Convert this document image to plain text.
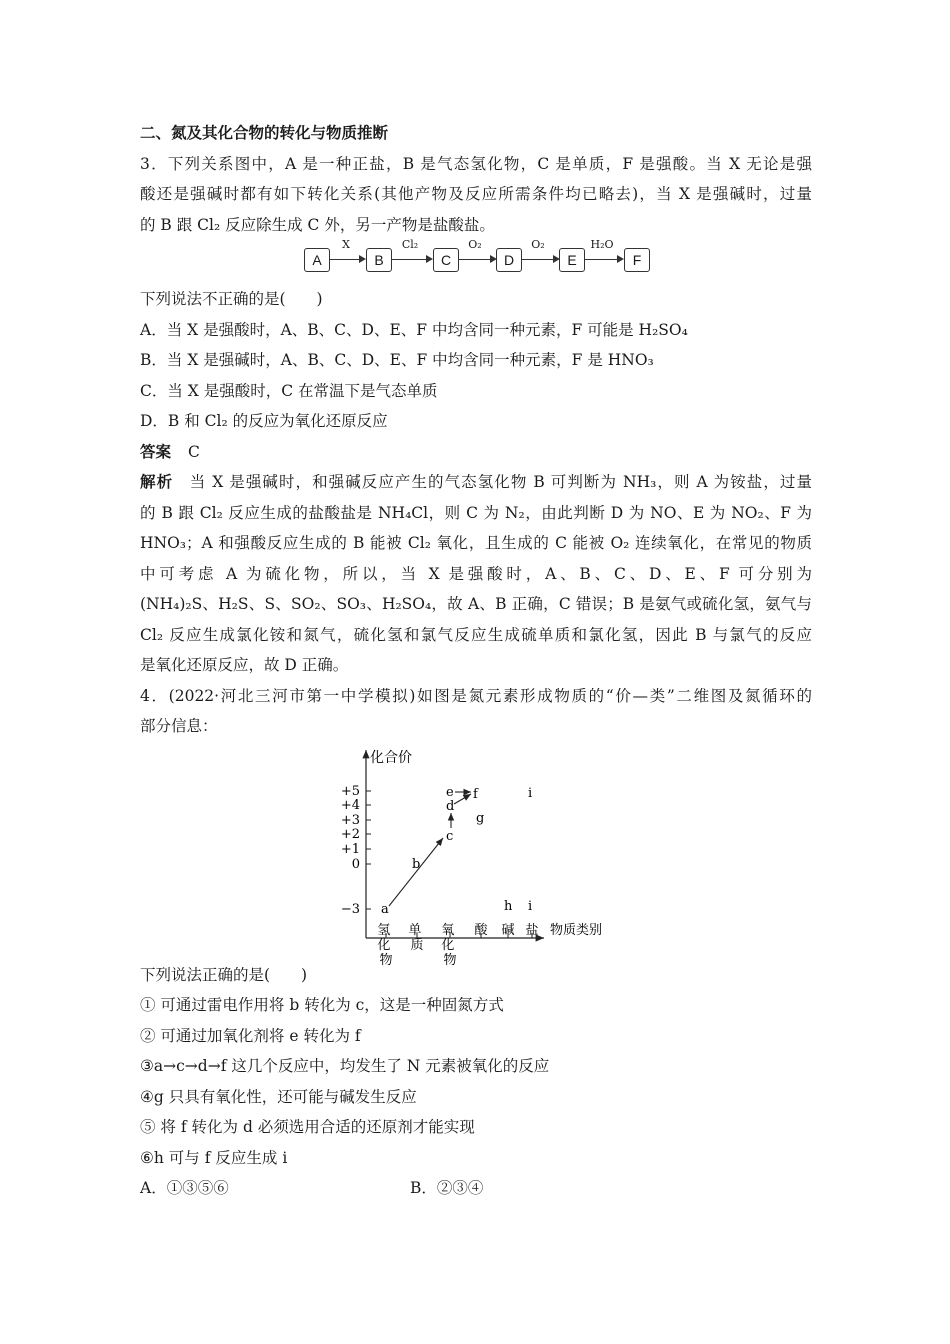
二、氮及其化合物的转化与物质推断
3．下列关系图中，A 是一种正盐，B 是气态氢化物，C 是单质，F 是强酸。当 X 无论是强
酸还是强碱时都有如下转化关系(其他产物及反应所需条件均已略去)，当 X 是强碱时，过量
的 B 跟 Cl₂ 反应除生成 C 外，另一产物是盐酸盐。
A
X
B
Cl₂
C
O₂
D
O₂
E
H₂O
F
下列说法不正确的是(　　)
A．当 X 是强酸时，A、B、C、D、E、F 中均含同一种元素，F 可能是 H₂SO₄
B．当 X 是强碱时，A、B、C、D、E、F 中均含同一种元素，F 是 HNO₃
C．当 X 是强酸时，C 在常温下是气态单质
D．B 和 Cl₂ 的反应为氧化还原反应
答案 C
解析　当 X 是强碱时，和强碱反应产生的气态氢化物 B 可判断为 NH₃，则 A 为铵盐，过量
的 B 跟 Cl₂ 反应生成的盐酸盐是 NH₄Cl，则 C 为 N₂，由此判断 D 为 NO、E 为 NO₂、F 为
HNO₃；A 和强酸反应生成的 B 能被 Cl₂ 氧化，且生成的 C 能被 O₂ 连续氧化，在常见的物质
中可考虑 A 为硫化物，所以，当 X 是强酸时，A、B、C、D、E、F 可分别为
(NH₄)₂S、H₂S、S、SO₂、SO₃、H₂SO₄，故 A、B 正确，C 错误；B 是氨气或硫化氢，氨气与
Cl₂ 反应生成氯化铵和氮气，硫化氢和氯气反应生成硫单质和氯化氢，因此 B 与氯气的反应
是氧化还原反应，故 D 正确。
4．(2022·河北三河市第一中学模拟)如图是氮元素形成物质的“价—类”二维图及氮循环的
部分信息：
化合价
+5
+4
+3
+2
+1
0
−3
氢 化 物
单 质
氧 化 物
酸 碱 盐 物质类别
a
b
c
d
e f
g
h
i
i
下列说法正确的是(　　)
① 可通过雷电作用将 b 转化为 c，这是一种固氮方式
② 可通过加氧化剂将 e 转化为 f
③a→c→d→f 这几个反应中，均发生了 N 元素被氧化的反应
④g 只具有氧化性，还可能与碱发生反应
⑤ 将 f 转化为 d 必须选用合适的还原剂才能实现
⑥h 可与 f 反应生成 i
A．①③⑤⑥	B．②③④
